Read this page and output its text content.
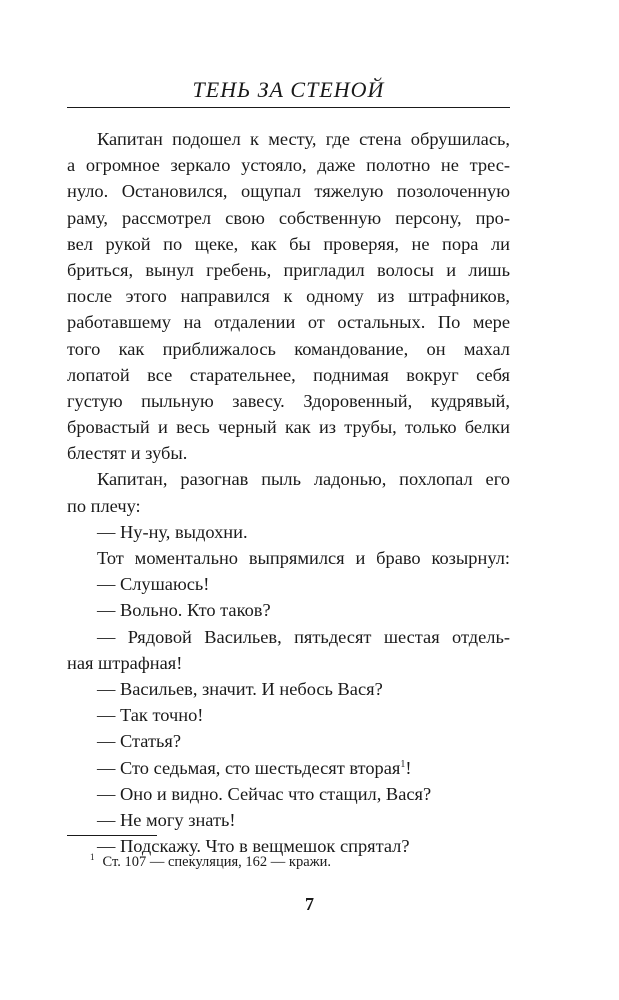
ТЕНЬ ЗА СТЕНОЙ
Капитан подошел к месту, где стена обрушилась,
а огромное зеркало устояло, даже полотно не трес-
нуло. Остановился, ощупал тяжелую позолоченную
раму, рассмотрел свою собственную персону, про-
вел рукой по щеке, как бы проверяя, не пора ли
бриться, вынул гребень, пригладил волосы и лишь
после этого направился к одному из штрафников,
работавшему на отдалении от остальных. По мере
того как приближалось командование, он махал
лопатой все старательнее, поднимая вокруг себя
густую пыльную завесу. Здоровенный, кудрявый,
бровастый и весь черный как из трубы, только белки
блестят и зубы.
Капитан, разогнав пыль ладонью, похлопал его
по плечу:
— Ну-ну, выдохни.
Тот моментально выпрямился и браво козырнул:
— Слушаюсь!
— Вольно. Кто таков?
— Рядовой Васильев, пятьдесят шестая отдель-
ная штрафная!
— Васильев, значит. И небось Вася?
— Так точно!
— Статья?
— Сто седьмая, сто шестьдесят вторая$^1$!
— Оно и видно. Сейчас что стащил, Вася?
— Не могу знать!
— Подскажу. Что в вещмешок спрятал?
$^1$ Ст. 107 — спекуляция, 162 — кражи.
7
